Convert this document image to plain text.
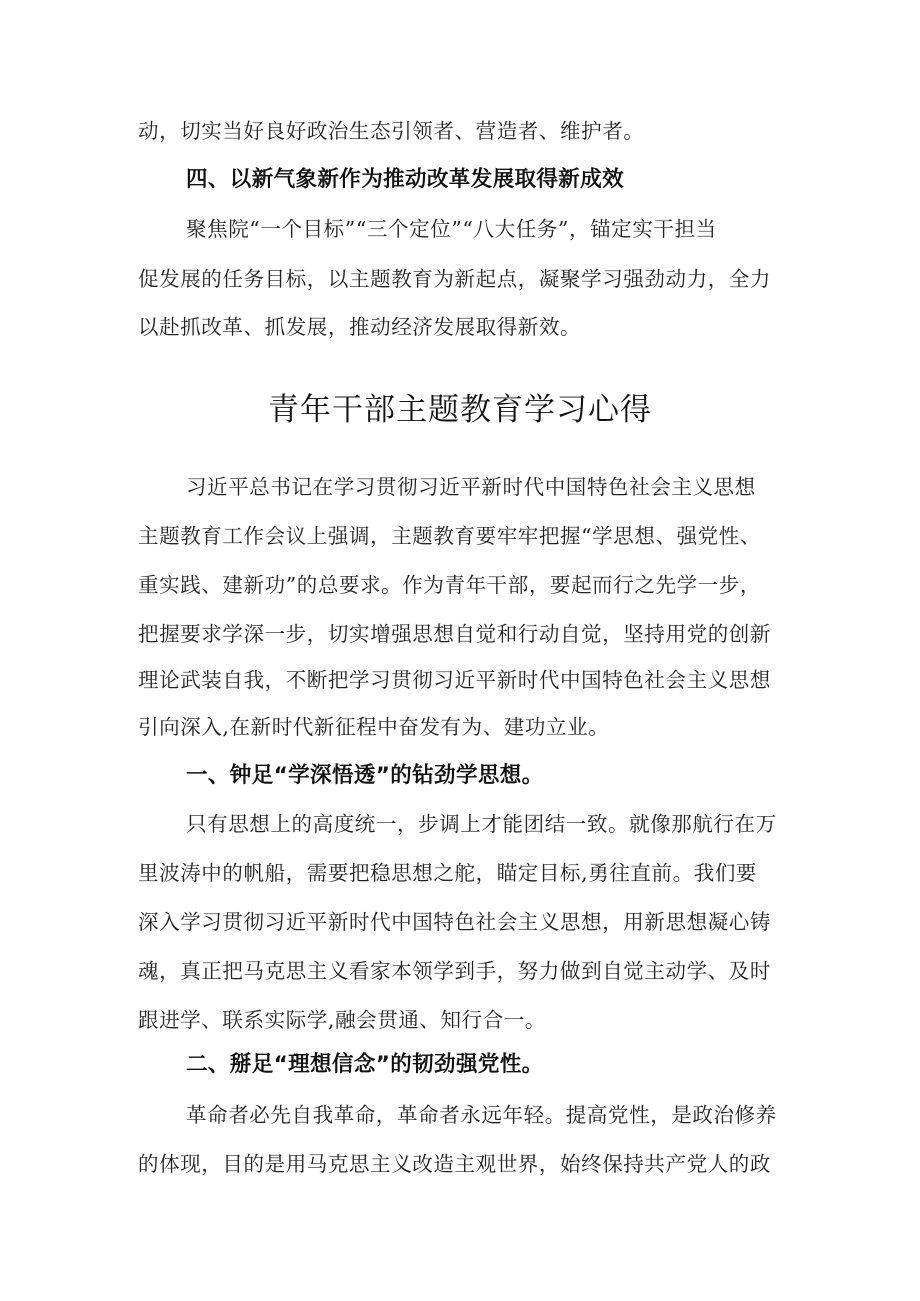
动，切实当好良好政治生态引领者、营造者、维护者。
四、以新气象新作为推动改革发展取得新成效
聚焦院“一个目标”“三个定位”“八大任务”，锚定实干担当
促发展的任务目标，以主题教育为新起点，凝聚学习强劲动力，全力
以赴抓改革、抓发展，推动经济发展取得新效。
青年干部主题教育学习心得
习近平总书记在学习贯彻习近平新时代中国特色社会主义思想
主题教育工作会议上强调，主题教育要牢牢把握“学思想、强党性、
重实践、建新功”的总要求。作为青年干部，要起而行之先学一步，
把握要求学深一步，切实增强思想自觉和行动自觉，坚持用党的创新
理论武装自我，不断把学习贯彻习近平新时代中国特色社会主义思想
引向深入,在新时代新征程中奋发有为、建功立业。
一、钟足“学深悟透”的钻劲学思想。
只有思想上的高度统一，步调上才能团结一致。就像那航行在万
里波涛中的帆船，需要把稳思想之舵，瞄定目标,勇往直前。我们要
深入学习贯彻习近平新时代中国特色社会主义思想，用新思想凝心铸
魂，真正把马克思主义看家本领学到手，努力做到自觉主动学、及时
跟进学、联系实际学,融会贯通、知行合一。
二、掰足“理想信念”的韧劲强党性。
革命者必先自我革命，革命者永远年轻。提高党性，是政治修养
的体现，目的是用马克思主义改造主观世界，始终保持共产党人的政
